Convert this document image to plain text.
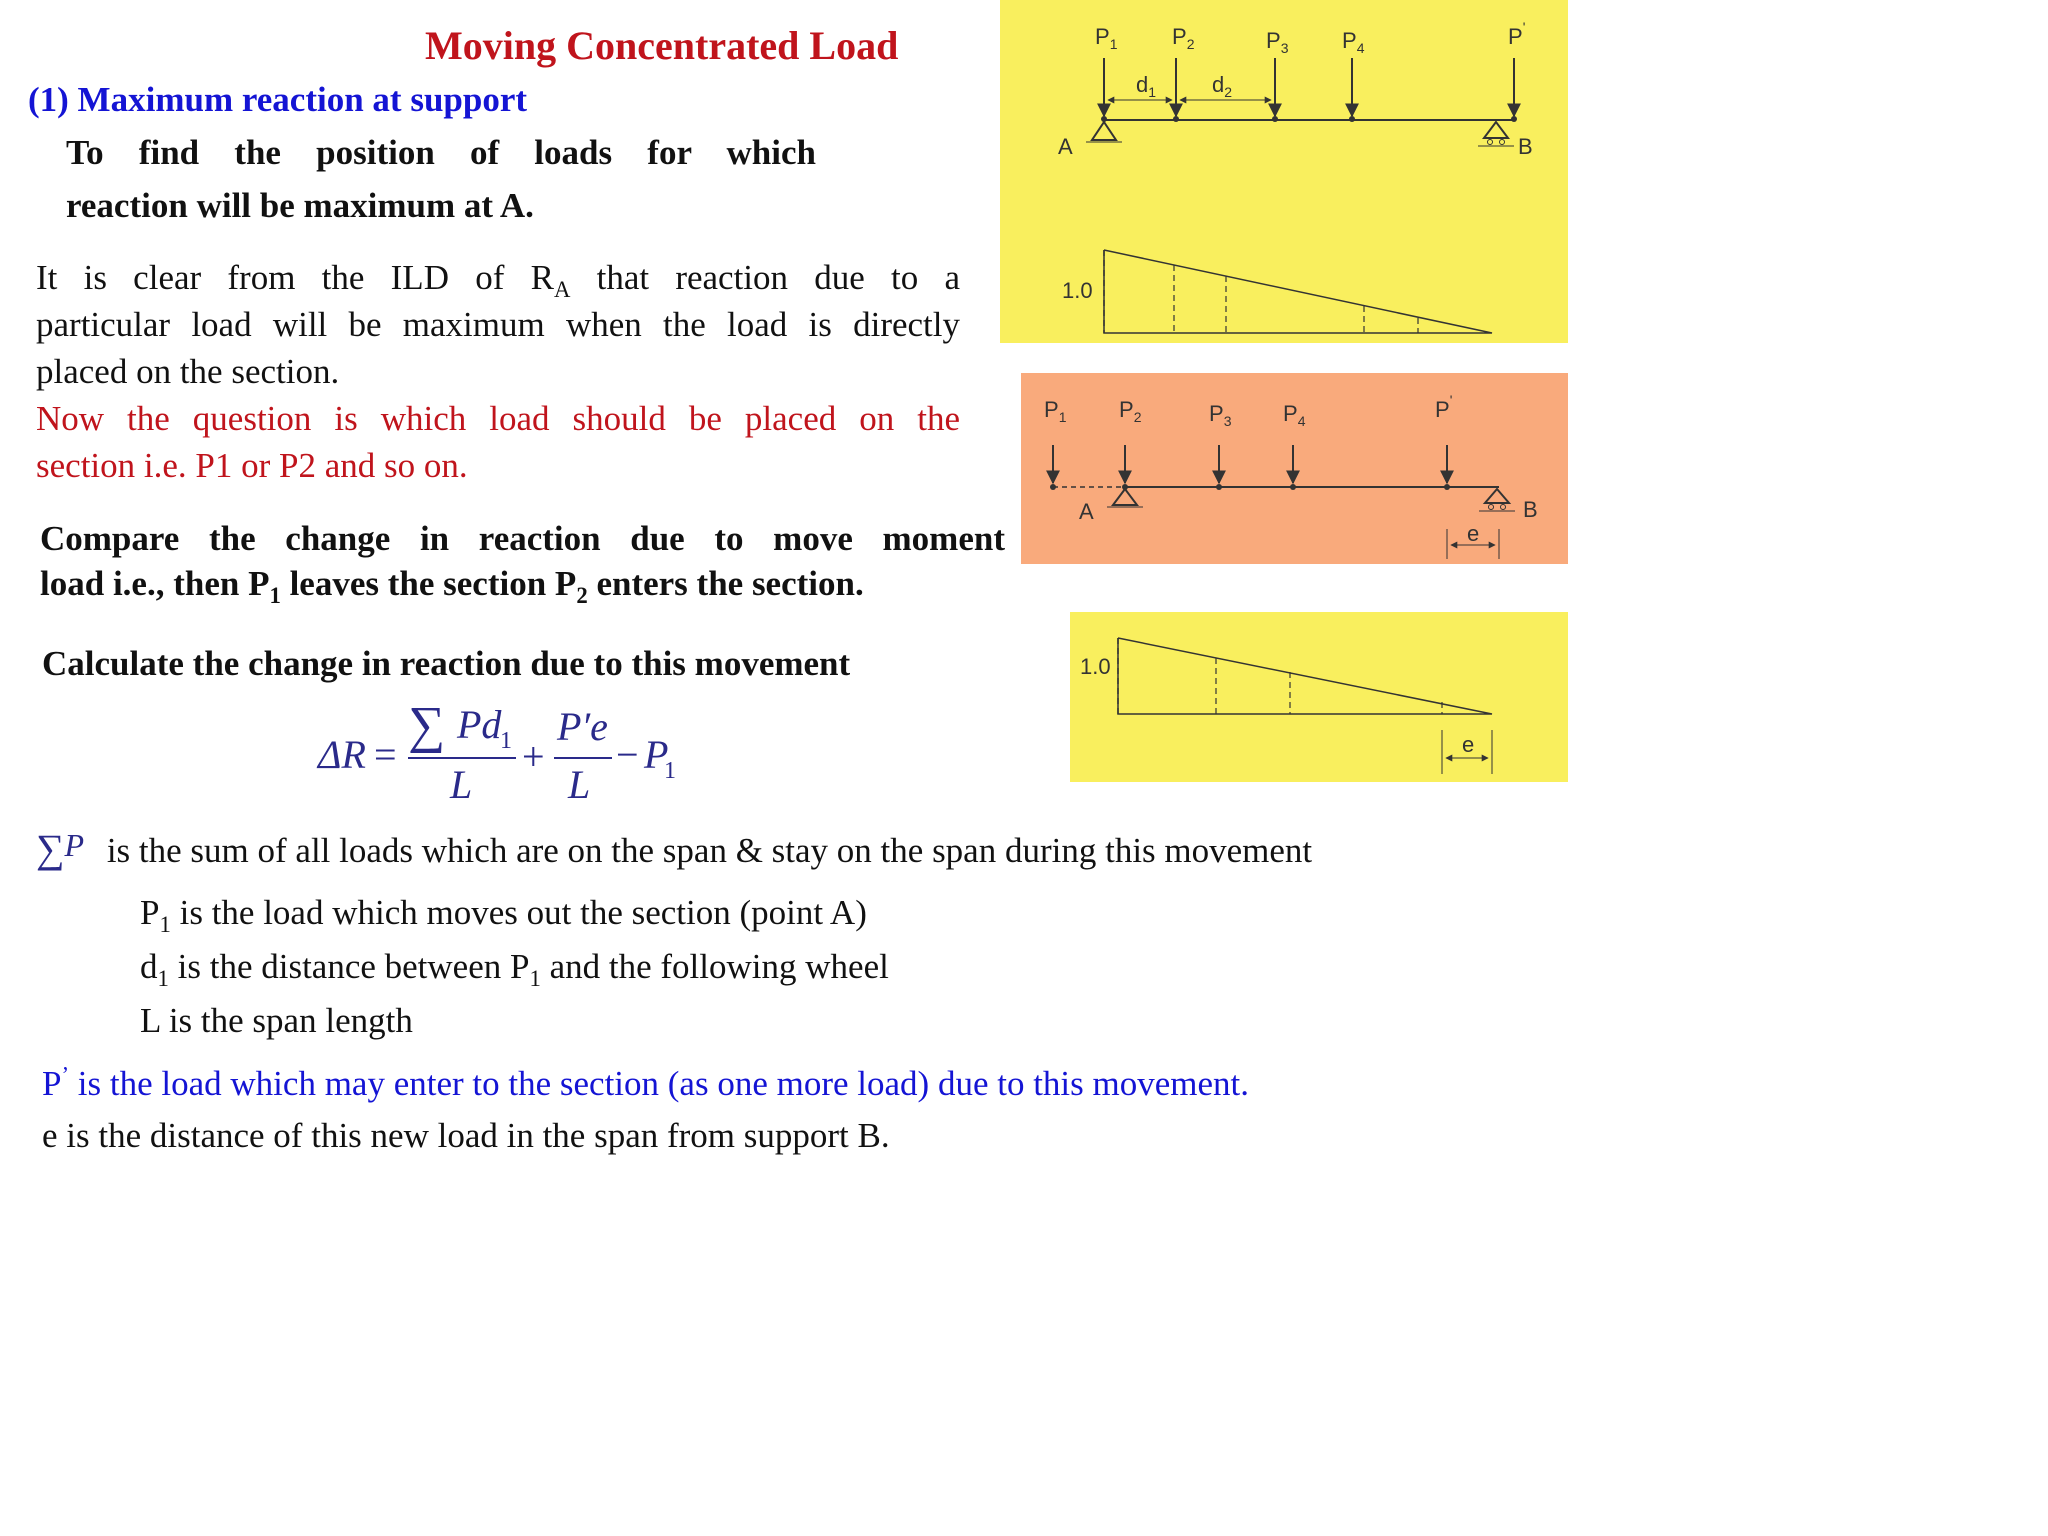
Moving Concentrated Load
(1) Maximum reaction at support
To find the position of loads for which
reaction will be maximum at A.
It is clear from the ILD of $R_A$ that reaction due to a
particular load will be maximum when the load is directly
placed on the section.
Now the question is which load should be placed on the
section i.e. P1 or P2 and so on.
Compare the change in reaction due to move moment
load i.e., then $P_1$ leaves the section $P_2$ enters the section.
Calculate the change in reaction due to this movement
ΔR =
∑ Pd
1
L
+
P′e
L
− P
1
∑P is the sum of all loads which are on the span & stay on the span during this movement
$P_1$ is the load which moves out the section (point A)
$d_1$ is the distance between $P_1$ and the following wheel
L is the span length
P’ is the load which may enter to the section (as one more load) due to this movement.
e is the distance of this new load in the span from support B.
$P_1$ $P_2$	$P_3$ $P_4$	P'
$d_1$	$d_2$
A	B
1.0
$P_1$ $P_2$	$P_3$ $P_4$	P'
A	B
e
1.0
e
